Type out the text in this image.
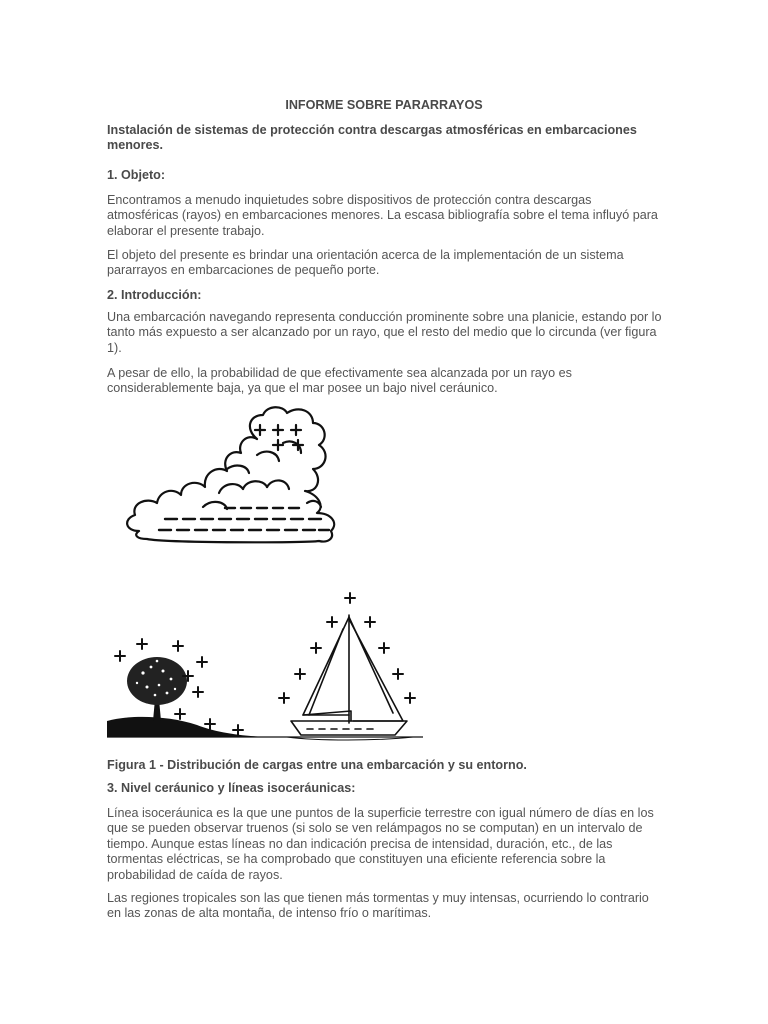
INFORME SOBRE PARARRAYOS

Instalación de sistemas de protección contra descargas atmosféricas en embarcaciones menores.

1. Objeto:

Encontramos a menudo inquietudes sobre dispositivos de protección contra descargas atmosféricas (rayos) en embarcaciones menores. La escasa bibliografía sobre el tema influyó para elaborar el presente trabajo.

El objeto del presente es brindar una orientación acerca de la implementación de un sistema pararrayos en embarcaciones de pequeño porte.

2. Introducción:

Una embarcación navegando representa conducción prominente sobre una planicie, estando por lo tanto más expuesto a ser alcanzado por un rayo, que el resto del medio que lo circunda (ver figura 1).

A pesar de ello, la probabilidad de que efectivamente sea alcanzada por un rayo es considerablemente baja, ya que el mar posee un bajo nivel ceráunico.

Figura 1 - Distribución de cargas entre una embarcación y su entorno.

3. Nivel ceráunico y líneas isoceráunicas:

Línea isoceráunica es la que une puntos de la superficie terrestre con igual número de días en los que se pueden observar truenos (si solo se ven relámpagos no se computan) en un intervalo de tiempo. Aunque estas líneas no dan indicación precisa de intensidad, duración, etc., de las tormentas eléctricas, se ha comprobado que constituyen una eficiente referencia sobre la probabilidad de caída de rayos.

Las regiones tropicales son las que tienen más tormentas y muy intensas, ocurriendo lo contrario en las zonas de alta montaña, de intenso frío o marítimas.
